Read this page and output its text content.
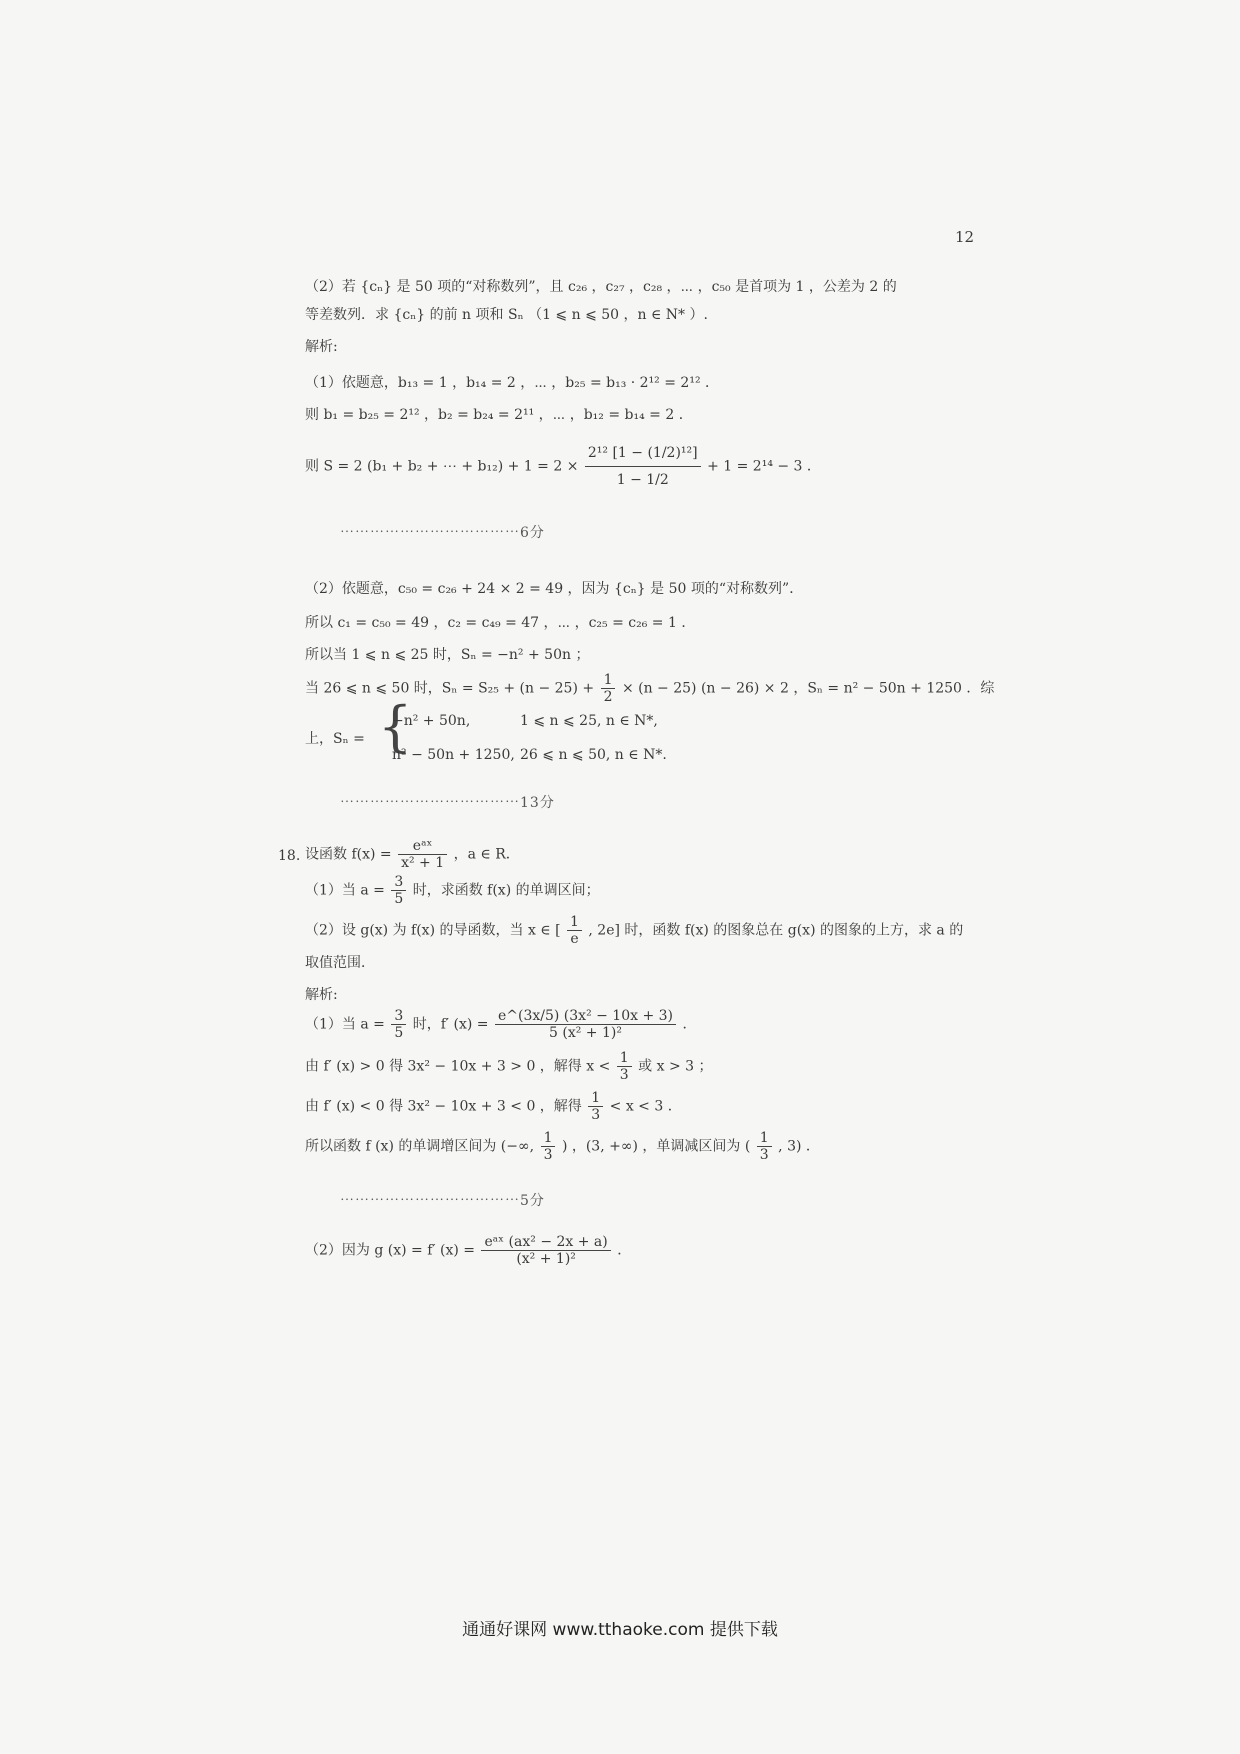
12
（2）若 {cₙ} 是 50 项的“对称数列”，且 c₂₆ ，c₂₇ ，c₂₈ ，⋯ ，c₅₀ 是首项为 1 ，公差为 2 的
等差数列．求 {cₙ} 的前 n 项和 Sₙ （1 ⩽ n ⩽ 50 ，n ∈ N* ）.
解析:
（1）依题意，b₁₃ = 1 ，b₁₄ = 2 ，⋯ ，b₂₅ = b₁₃ · 2¹² = 2¹² ．
则 b₁ = b₂₅ = 2¹² ，b₂ = b₂₄ = 2¹¹ ，⋯ ，b₁₂ = b₁₄ = 2 ．
则 S = 2 (b₁ + b₂ + ⋯ + $b_{12}) + 1 = 2 \times \frac{\text{2¹² [1 − (1/2)¹²]}}{1 - 1/2} + 1 = 2^{14} - 3$ ．
⋯⋯⋯⋯⋯⋯⋯⋯⋯⋯⋯⋯6分
（2）依题意，c₅₀ = c₂₆ + 24 × 2 = 49 ，因为 {cₙ} 是 50 项的“对称数列”．
所以 c₁ = c₅₀ = 49 ，c₂ = c₄₉ = 47 ，⋯ ，c₂₅ = c₂₆ = 1 ．
所以当 1 ⩽ n ⩽ 25 时，Sₙ = −n² + 50n ；
当 26 ⩽ n ⩽ 50 时，$S_n = S_{25} + (n - 25) + \frac{1}{2} \times (n - 25) (n - 26) \times 2$ ，Sₙ = n² − 50n + 1250 ．综
上，Sₙ = {
−n² + 50n,	1 ⩽ n ⩽ 25, n ∈ N*,
n² − 50n + 1250, 26 ⩽ n ⩽ 50, n ∈ N*.
⋯⋯⋯⋯⋯⋯⋯⋯⋯⋯⋯⋯13分
18. 设函数 $f(x) = \frac{\text{eᵃˣ}}{\text{x² + 1}}$ ，a ∈ R．
（1）当 $a = \frac{3}{5}$ 时，求函数 f(x) 的单调区间；
（2）设 g(x) 为 f(x) 的导函数，当 x ∈ [ $\frac{1}{e}$ , 2e] 时，函数 f(x) 的图象总在 g(x) 的图象的上方，求 a 的
取值范围．
解析:
（1）当 $a = \frac{3}{5}$ 时，f′ $(x) = \frac{\text{e\textasciicircum{}(3x/5) (3x² − 10x + 3)}}{\text{5 (x² + 1)²}}$ ．
由 f′ (x) > 0 得 3x² − 10x + 3 > 0 ，解得 $x < \frac{1}{3}$ 或 x > 3 ；
由 f′ (x) < 0 得 3x² − 10x + 3 < 0 ，解得 $\frac{1}{3} < x < 3$ ．
所以函数 f (x) 的单调增区间为 (−∞, $\frac{1}{3}$ ) ，(3, +∞) ，单调减区间为 ( $\frac{1}{3}$ , 3) ．
⋯⋯⋯⋯⋯⋯⋯⋯⋯⋯⋯⋯5分
（2）因为 g (x) = f′ $(x) = \frac{\text{eᵃˣ (ax² − 2x + a)}}{\text{(x² + 1)²}}$ ．
通通好课网 www.tthaoke.com 提供下载
